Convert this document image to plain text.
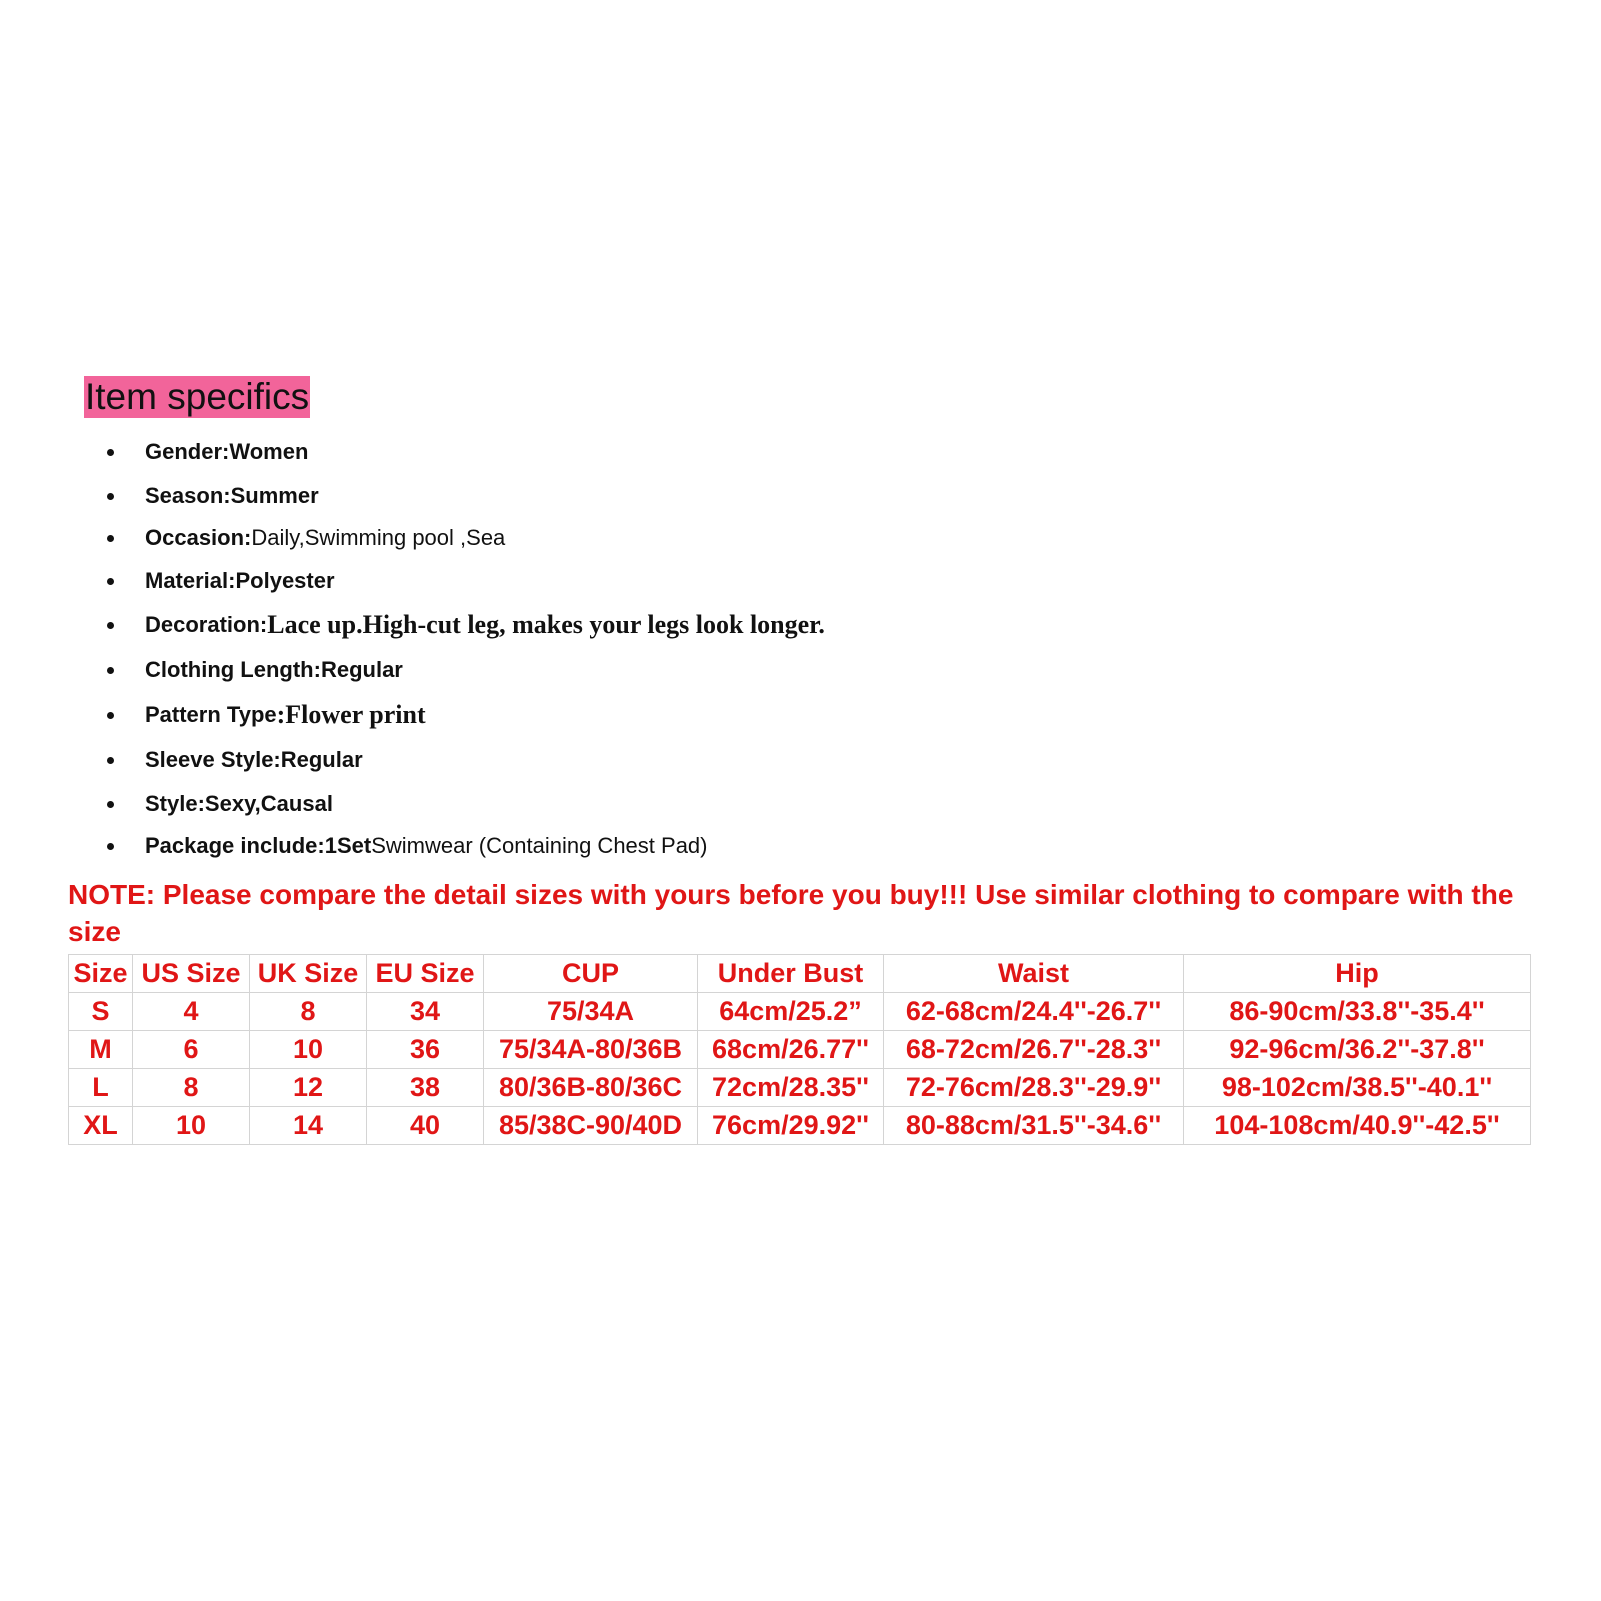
Item specifics
Gender: Women
Season: Summer
Occasion: Daily,Swimming pool ,Sea
Material: Polyester
Decoration: Lace up.High-cut leg, makes your legs look longer.
Clothing Length: Regular
Pattern Type :Flower print
Sleeve Style: Regular
Style: Sexy,Causal
Package include: 1Set Swimwear (Containing Chest Pad)

NOTE: Please compare the detail sizes with yours before you buy!!! Use similar clothing to compare with the size

Size	US Size	UK Size	EU Size	CUP	Under Bust	Waist	Hip
S	4	8	34	75/34A	64cm/25.2”	62-68cm/24.4''-26.7''	86-90cm/33.8''-35.4''
M	6	10	36	75/34A-80/36B	68cm/26.77''	68-72cm/26.7''-28.3''	92-96cm/36.2''-37.8''
L	8	12	38	80/36B-80/36C	72cm/28.35''	72-76cm/28.3''-29.9''	98-102cm/38.5''-40.1''
XL	10	14	40	85/38C-90/40D	76cm/29.92''	80-88cm/31.5''-34.6''	104-108cm/40.9''-42.5''
